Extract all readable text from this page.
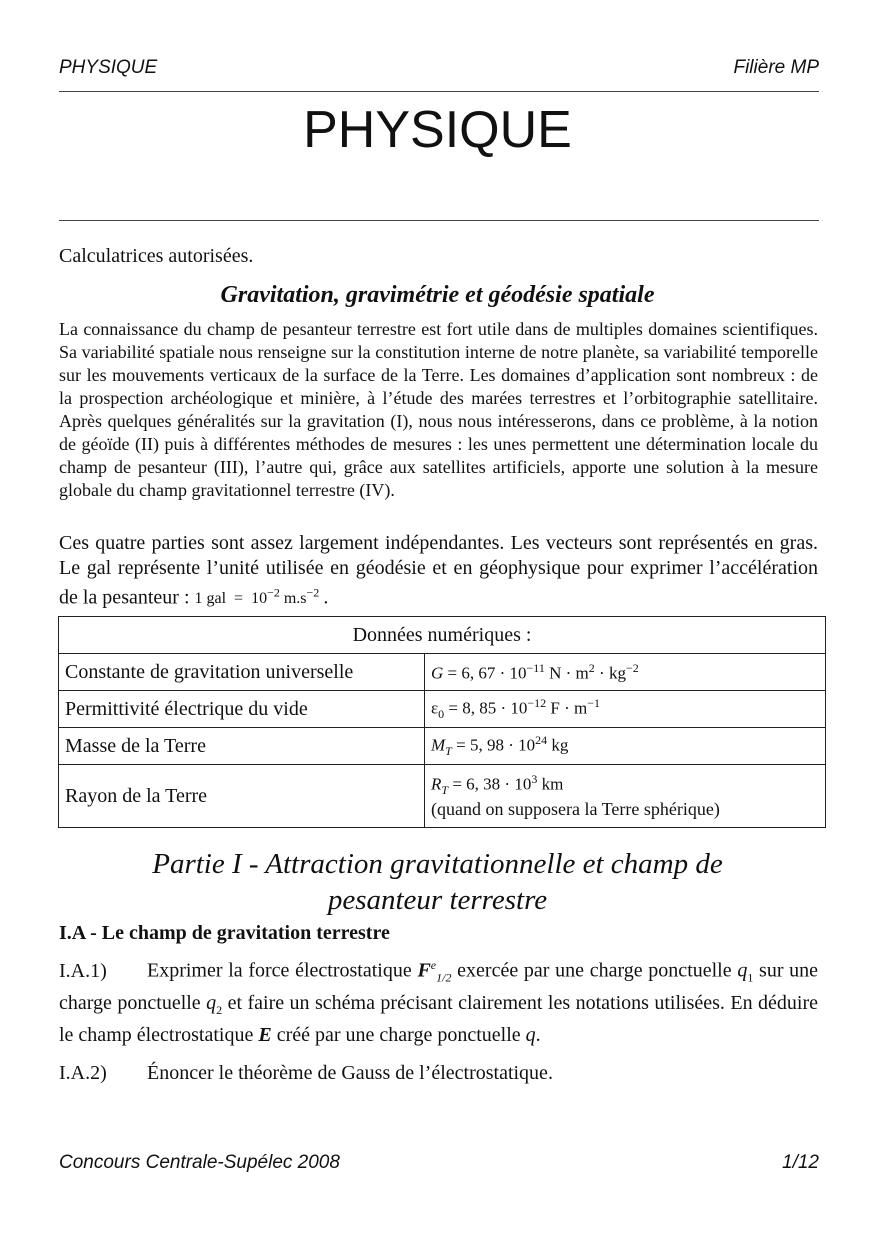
PHYSIQUE	Filière MP
PHYSIQUE
Calculatrices autorisées.
Gravitation, gravimétrie et géodésie spatiale
La connaissance du champ de pesanteur terrestre est fort utile dans de multiples domaines scientifiques. Sa variabilité spatiale nous renseigne sur la constitution interne de notre planète, sa variabilité temporelle sur les mouvements verticaux de la surface de la Terre. Les domaines d’application sont nombreux : de la prospection archéologique et minière, à l’étude des marées terrestres et l’orbitographie satellitaire. Après quelques généralités sur la gravitation (I), nous nous intéresserons, dans ce problème, à la notion de géoïde (II) puis à différentes méthodes de mesures : les unes permettent une détermination locale du champ de pesanteur (III), l’autre qui, grâce aux satellites artificiels, apporte une solution à la mesure globale du champ gravitationnel terrestre (IV).
Ces quatre parties sont assez largement indépendantes. Les vecteurs sont représentés en gras. Le gal représente l’unité utilisée en géodésie et en géophysique pour exprimer l’accélération de la pesanteur : 1 gal = $10^{-2}$ $m.s^{-2}$ .
Données numériques :	
Constante de gravitation universelle	G = 6, $67 \cdot 10^{-11}$ $N \cdot m^2 \cdot kg^{-2}$
Permittivité électrique du vide	$\varepsilon_0 = 8$, $85 \cdot 10^{-12}$ $F \cdot m^{-1}$
Masse de la Terre	$M_T = 5$, $98 \cdot 10^{24}$ kg
Rayon de la Terre	$R_T = 6$, $38 \cdot 10^3$ km
(quand on supposera la Terre sphérique)
Partie I - Attraction gravitationnelle et champ de
pesanteur terrestre
I.A - Le champ de gravitation terrestre
I.A.1) Exprimer la force électrostatique $F^e_{1/2}$ exercée par une charge ponctuelle $q_1$ sur une charge ponctuelle $q_2$ et faire un schéma précisant clairement les notations utilisées. En déduire le champ électrostatique E créé par une charge ponctuelle q.
I.A.2) Énoncer le théorème de Gauss de l’électrostatique.
Concours Centrale-Supélec 2008	1/12
